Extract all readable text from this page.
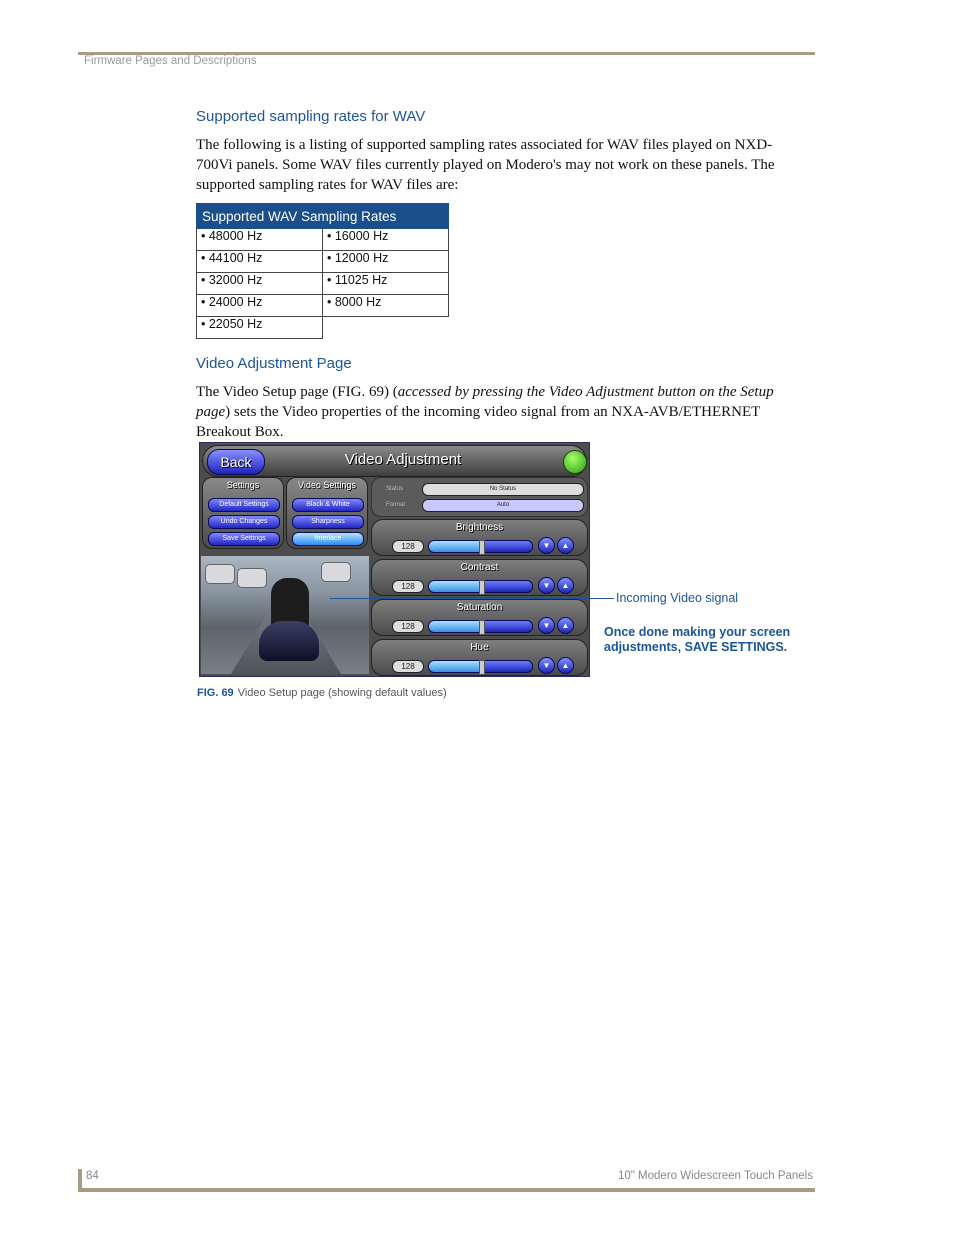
Firmware Pages and Descriptions
Supported sampling rates for WAV
The following is a listing of supported sampling rates associated for WAV files played on NXD-700Vi panels. Some WAV files currently played on Modero's may not work on these panels. The supported sampling rates for WAV files are:
Supported WAV Sampling Rates	
• 48000 Hz	• 16000 Hz
• 44100 Hz	• 12000 Hz
• 32000 Hz	• 11025 Hz
• 24000 Hz	• 8000 Hz
• 22050 Hz	
Video Adjustment Page
The Video Setup page (FIG. 69) (accessed by pressing the Video Adjustment button on the Setup page) sets the Video properties of the incoming video signal from an NXA-AVB/ETHERNET Breakout Box.
Back	Video Adjustment
Settings
Default Settings
Undo Changes
Save Settings
Video Settings
Black & White
Sharpness
Interlace
Status	No Status
Format	Auto
Brightness
128	▼	▲
Contrast
128	▼	▲
Saturation
128	▼	▲
Hue
128	▼	▲
Incoming Video signal
Once done making your screen
adjustments, SAVE SETTINGS.
FIG. 69 Video Setup page (showing default values)
84	10" Modero Widescreen Touch Panels
